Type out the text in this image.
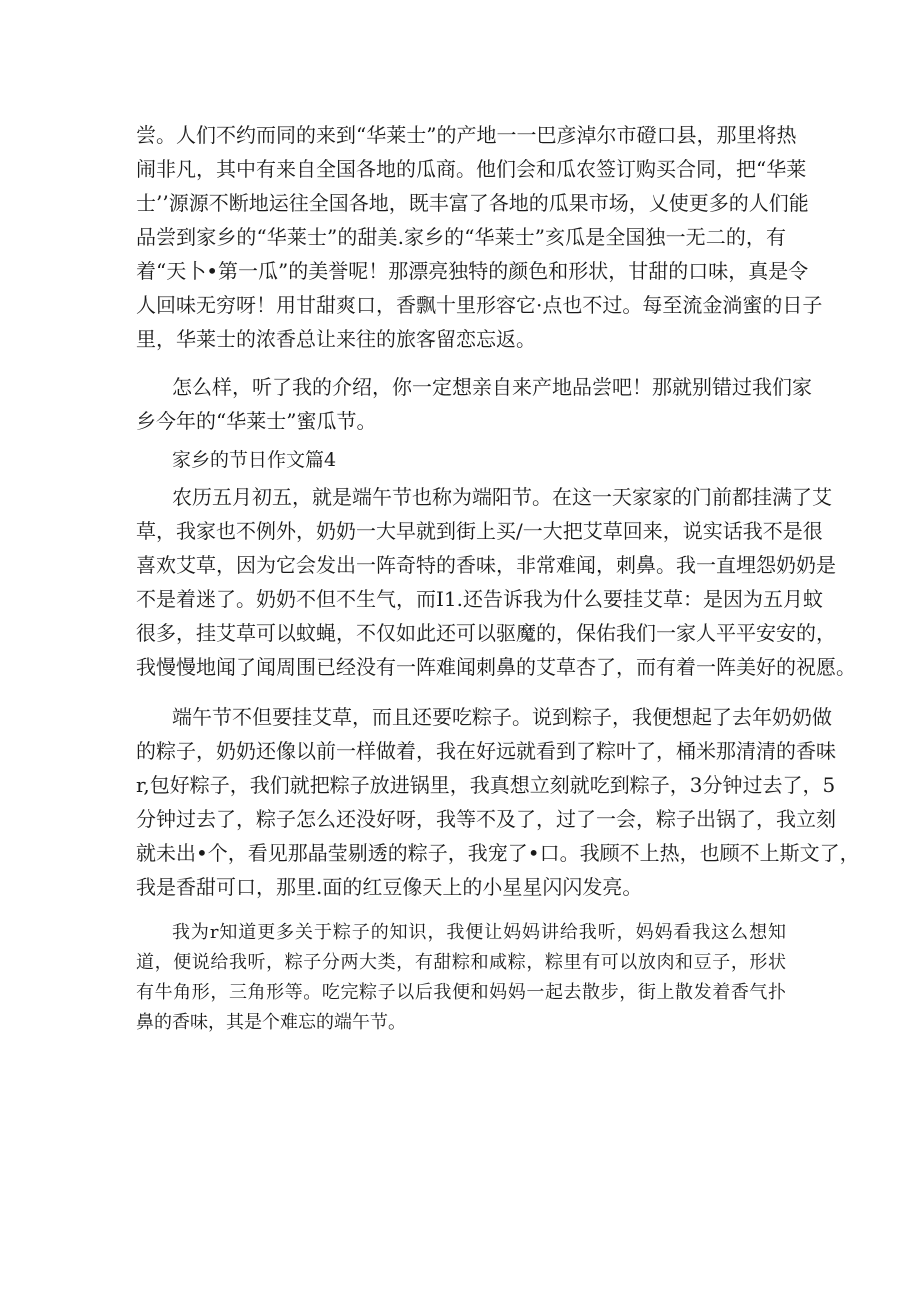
尝。人们不约而同的来到“华莱士”的产地一一巴彦淖尔市磴口县，那里将热
闹非凡，其中有来自全国各地的瓜商。他们会和瓜农签订购买合同，把“华莱
士’’源源不断地运往全国各地，既丰富了各地的瓜果市场，乂使更多的人们能
品尝到家乡的“华莱士”的甜美.家乡的“华莱士”亥瓜是全国独一无二的，有
着“天卜•第一瓜”的美誉呢！那漂亮独特的颜色和形状，甘甜的口味，真是令
人回味无穷呀！用甘甜爽口，香飘十里形容它·点也不过。每至流金淌蜜的日子
里，华莱士的浓香总让来往的旅客留恋忘返。
怎么样，听了我的介绍，你一定想亲自来产地品尝吧！那就别错过我们家
乡今年的“华莱士”蜜瓜节。
家乡的节日作文篇4
农历五月初五，就是端午节也称为端阳节。在这一天家家的门前都挂满了艾
草，我家也不例外，奶奶一大早就到街上买/一大把艾草回来，说实话我不是很
喜欢艾草，因为它会发出一阵奇特的香味，非常难闻，刺鼻。我一直埋怨奶奶是
不是着迷了。奶奶不但不生气，而I1.还告诉我为什么要挂艾草：是因为五月蚊
很多，挂艾草可以蚊蝇，不仅如此还可以驱魔的，保佑我们一家人平平安安的，
我慢慢地闻了闻周围已经没有一阵难闻刺鼻的艾草杏了，而有着一阵美好的祝愿。
端午节不但要挂艾草，而且还要吃粽子。说到粽子，我便想起了去年奶奶做
的粽子，奶奶还像以前一样做着，我在好远就看到了粽叶了，桶米那清清的香味
r,包好粽子，我们就把粽子放进锅里，我真想立刻就吃到粽子，3分钟过去了，5
分钟过去了，粽子怎么还没好呀，我等不及了，过了一会，粽子出锅了，我立刻
就未出•个，看见那晶莹剔透的粽子，我宠了•口。我顾不上热，也顾不上斯文了，
我是香甜可口，那里.面的红豆像天上的小星星闪闪发亮。
我为r知道更多关于粽子的知识，我便让妈妈讲给我听，妈妈看我这么想知
道，便说给我听，粽子分两大类，有甜粽和咸粽，粽里有可以放肉和豆子，形状
有牛角形，三角形等。吃完粽子以后我便和妈妈一起去散步，街上散发着香气扑
鼻的香味，其是个难忘的端午节。
